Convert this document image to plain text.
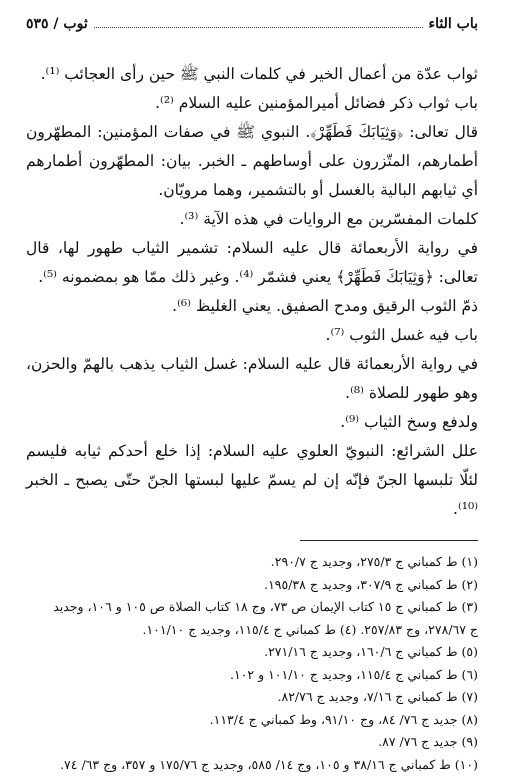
باب الثاء
ثوب / ٥٣٥

ثواب عدّة من أعمال الخير في كلمات النبي ﷺ حين رأى العجائب ⁽¹⁾.

باب ثواب ذكر فضائل أميرالمؤمنين عليه السلام ⁽²⁾.

قال تعالى: ﴿وَثِيَابَكَ فَطَهِّرْ﴾. النبوي ﷺ في صفات المؤمنين: المطهّرون أطمارهم، المتّزرون على أوساطهم ـ الخبر. بيان: المطهّرون أطمارهم أي ثيابهم البالية بالغسل أو بالتشمير، وهما مرويّان.

كلمات المفسّرين مع الروايات في هذه الآية ⁽³⁾.

في رواية الأربعمائة قال عليه السلام: تشمير الثياب طهور لها، قال تعالى: ﴿وَثِيَابَكَ فَطَهِّرْ﴾ يعني فشمّر ⁽⁴⁾. وغير ذلك ممّا هو بمضمونه ⁽⁵⁾.

ذمّ الثوب الرقيق ومدح الصفيق. يعني الغليظ ⁽⁶⁾.

باب فيه غسل الثوب ⁽⁷⁾.

في رواية الأربعمائة قال عليه السلام: غسل الثياب يذهب بالهمّ والحزن، وهو طهور للصلاة ⁽⁸⁾.

ولدفع وسخ الثياب ⁽⁹⁾.

علل الشرائع: النبويّ العلوي عليه السلام: إذا خلع أحدكم ثيابه فليسم لئلّا تلبسها الجنّ فإنّه إن لم يسمّ عليها لبستها الجنّ حتّى يصبح ـ الخبر ⁽¹⁰⁾.

(١) ط كمباني ج ٢٧٥/٣، وجديد ج ٢٩٠/٧.

(٢) ط كمباني ج ٣٠٧/٩، وجديد ج ١٩٥/٣٨.

(٣) ط كمباني ج ١٥ كتاب الإيمان ص ٧٣، وج ١٨ كتاب الصلاة ص ١٠٥ و ١٠٦، وجديد

ج ٢٧٨/٦٧، وج ٢٥٧/٨٣. (٤) ط كمباني ج ١١٥/٤، وجديد ج ١٠١/١٠.

(٥) ط كمباني ج ١٦٠/٦، وجديد ج ٢٧١/١٦.

(٦) ط كمباني ج ١١٥/٤، وجديد ج ١٠١/١٠ و ١٠٢.

(٧) ط كمباني ج ٧/١٦، وجديد ج ٨٢/٧٦.

(٨) جديد ج ٧٦/ ٨٤، وج ٩١/١٠، وط كمباني ج ١١٣/٤.

(٩) جديد ج ٧٦/ ٨٧.

(١٠) ط كمباني ج ٣٨/١٦ و ١٠٥، وج ١٤/ ٥٨٥، وجديد ج ١٧٥/٧٦ و ٣٥٧، وج ٦٣/ ٧٤.
